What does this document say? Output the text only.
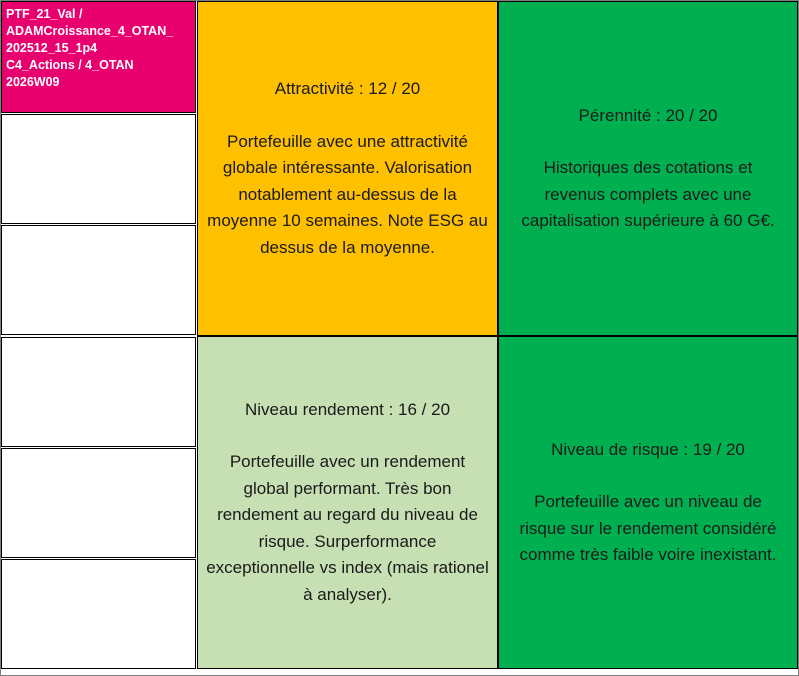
PTF_21_Val /
ADAMCroissance_4_OTAN_
202512_15_1p4
C4_Actions / 4_OTAN
2026W09	Attractivité : 12 / 20
Portefeuille avec une attractivité globale intéressante. Valorisation notablement au-dessus de la moyenne 10 semaines. Note ESG au dessus de la moyenne.
Pérennité : 20 / 20
Historiques des cotations et revenus complets avec une capitalisation supérieure à 60 G€.
Niveau rendement : 16 / 20
Portefeuille avec un rendement global performant. Très bon rendement au regard du niveau de risque. Surperformance exceptionnelle vs index (mais rationel à analyser).
Niveau de risque : 19 / 20
Portefeuille avec un niveau de risque sur le rendement considéré comme très faible voire inexistant.
